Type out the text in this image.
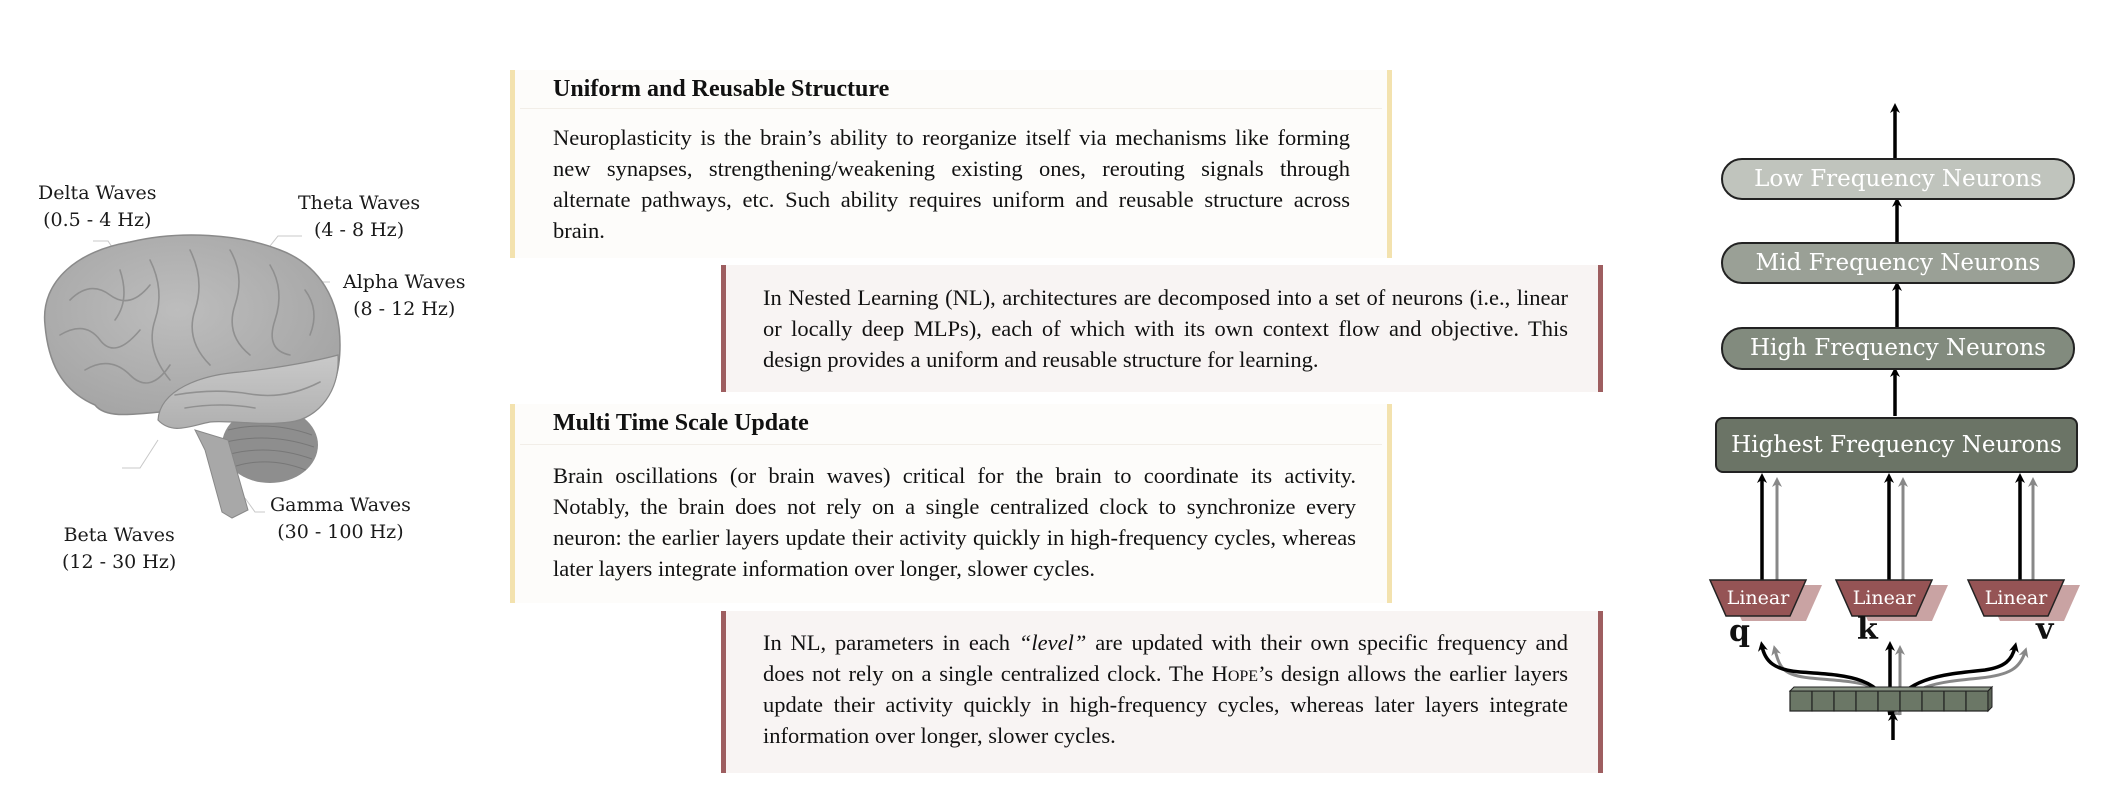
Delta Waves
(0.5 - 4 Hz)
Theta Waves
(4 - 8 Hz)
Alpha Waves
(8 - 12 Hz)
Beta Waves
(12 - 30 Hz)
Gamma Waves
(30 - 100 Hz)
Uniform and Reusable Structure

Neuroplasticity is the brain’s ability to reorganize itself via mechanisms like forming new synapses, strengthening/weakening existing ones, rerouting signals through alternate pathways, etc. Such ability requires uniform and reusable structure across brain.

In Nested Learning (NL), architectures are decomposed into a set of neurons (i.e., linear or locally deep MLPs), each of which with its own context flow and objective. This design provides a uniform and reusable structure for learning.

Multi Time Scale Update

Brain oscillations (or brain waves) critical for the brain to coordinate its activity. Notably, the brain does not rely on a single centralized clock to synchronize every neuron: the earlier layers update their activity quickly in high-frequency cycles, whereas later layers integrate information over longer, slower cycles.

In NL, parameters in each “level” are updated with their own specific frequency and does not rely on a single centralized clock. The Hope’s design allows the earlier layers update their activity quickly in high-frequency cycles, whereas later layers integrate information over longer, slower cycles.

Linear	Linear	Linear
Low Frequency Neurons
Mid Frequency Neurons
High Frequency Neurons
Highest Frequency Neurons
q	k	v
